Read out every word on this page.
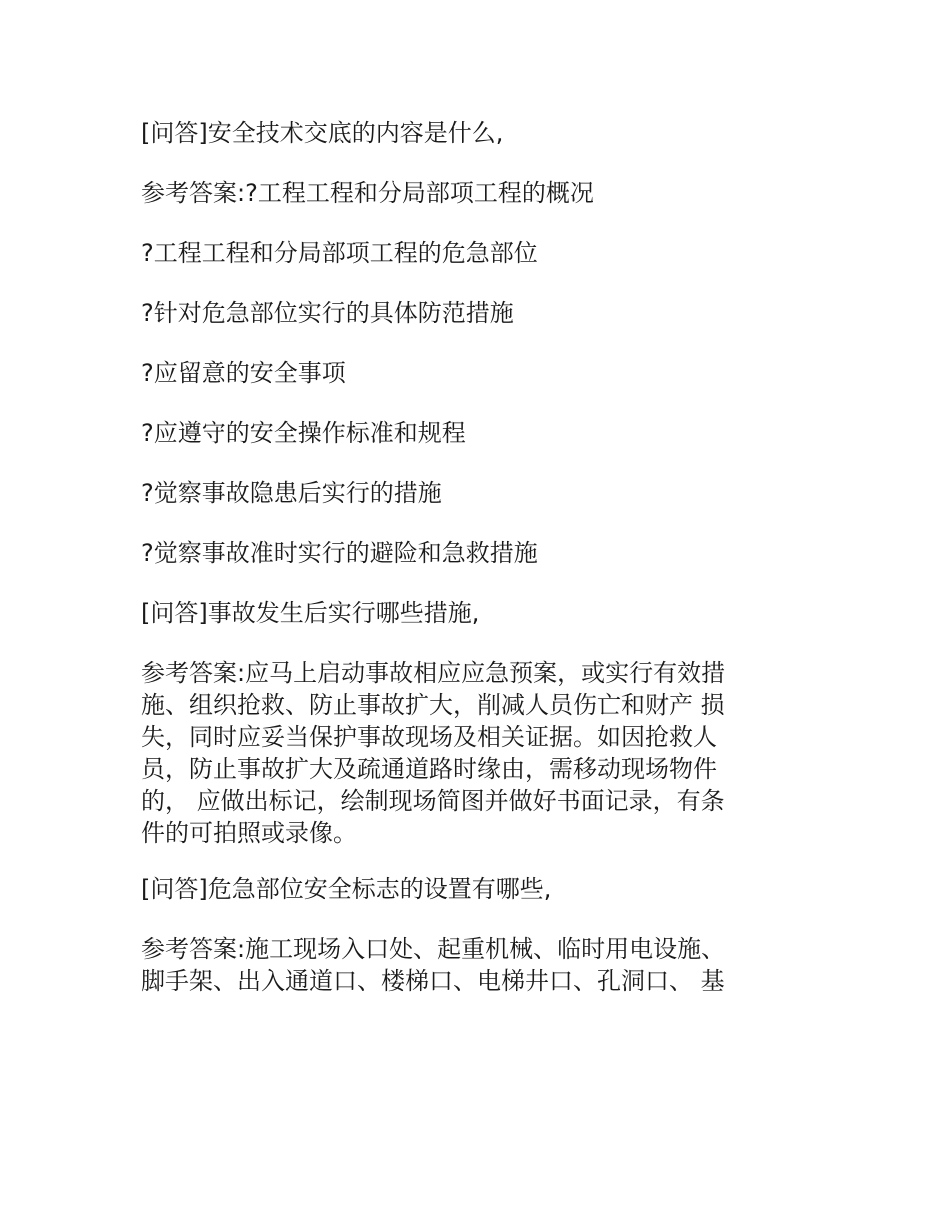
[问答]安全技术交底的内容是什么,

参考答案:?工程工程和分局部项工程的概况

?工程工程和分局部项工程的危急部位

?针对危急部位实行的具体防范措施

?应留意的安全事项

?应遵守的安全操作标准和规程

?觉察事故隐患后实行的措施

?觉察事故准时实行的避险和急救措施

[问答]事故发生后实行哪些措施,

参考答案:应马上启动事故相应应急预案，或实行有效措
施、组织抢救、防止事故扩大，削减人员伤亡和财产 损
失，同时应妥当保护事故现场及相关证据。如因抢救人
员，防止事故扩大及疏通道路时缘由，需移动现场物件
的， 应做出标记，绘制现场简图并做好书面记录，有条
件的可拍照或录像。

[问答]危急部位安全标志的设置有哪些,

参考答案:施工现场入口处、起重机械、临时用电设施、
脚手架、出入通道口、楼梯口、电梯井口、孔洞口、 基
